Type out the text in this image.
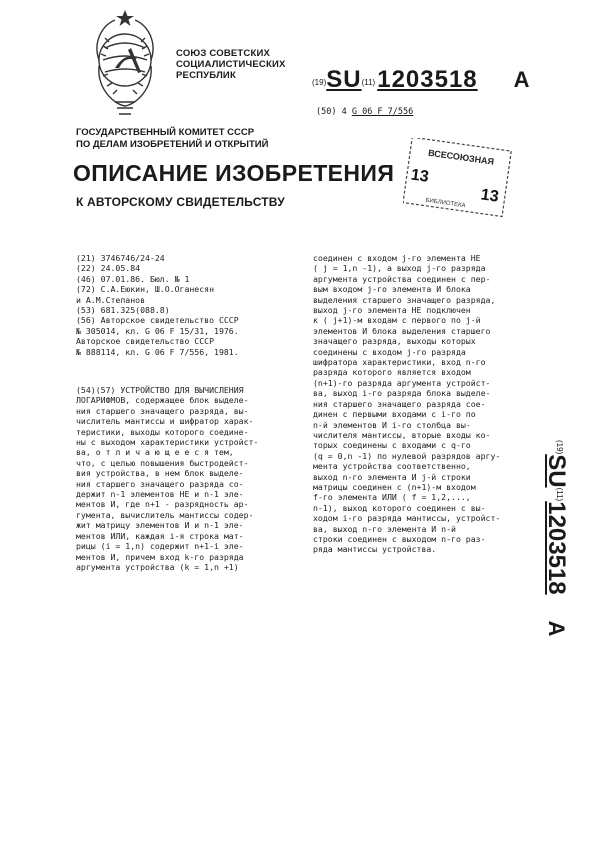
СОЮЗ СОВЕТСКИХ
СОЦИАЛИСТИЧЕСКИХ
РЕСПУБЛИК
(19)SU(11)1203518 A
(50) 4 G 06 F 7/556
ГОСУДАРСТВЕННЫЙ КОМИТЕТ СССР
ПО ДЕЛАМ ИЗОБРЕТЕНИЙ И ОТКРЫТИЙ
ОПИСАНИЕ ИЗОБРЕТЕНИЯ
К АВТОРСКОМУ СВИДЕТЕЛЬСТВУ
ВСЕСОЮЗНАЯ
13
13
БИБЛИОТЕКА
(21) 3746746/24-24
(22) 24.05.84
(46) 07.01.86. Бюл. № 1
(72) С.А.Еюкин, Ш.О.Оганесян
и А.М.Степанов
(53) 681.325(088.8)
(56) Авторское свидетельство СССР
№ 305014, кл. G 06 F 15/31, 1976.
Авторское свидетельство СССР
№ 888114, кл. G 06 F 7/556, 1981.
(54)(57) УСТРОЙСТВО ДЛЯ ВЫЧИСЛЕНИЯ
ЛОГАРИФМОВ, содержащее блок выделе-
ния старшего значащего разряда, вы-
числитель мантиссы и шифратор харак-
теристики, выходы которого соедине-
ны с выходом характеристики устройст-
ва, о т л и ч а ю щ е е с я тем,
что, с целью повышения быстродейст-
вия устройства, в нем блок выделе-
ния старшего значащего разряда со-
держит n-1 элементов НЕ и n-1 эле-
ментов И, где n+1 - разрядность ар-
гумента, вычислитель мантиссы содер-
жит матрицу элементов И и n-1 эле-
ментов ИЛИ, каждая i-я строка мат-
рицы (i = 1,n) содержит n+1-i эле-
ментов И, причем вход k-го разряда
аргумента устройства (k = 1,n +1)
соединен с входом j-го элемента НЕ
( j = 1,n -1), а выход j-го разряда
аргумента устройства соединен с пер-
вым входом j-го элемента И блока
выделения старшего значащего разряда,
выход j-го элемента НЕ подключен
к ( j+1)-м входам с первого по j-й
элементов И блока выделения старшего
значащего разряда, выходы которых
соединены с входом j-го разряда
шифратора характеристики, вход n-го
разряда которого является входом
(n+1)-го разряда аргумента устройст-
ва, выход i-го разряда блока выделе-
ния старшего значащего разряда сое-
динен с первыми входами с i-го по
n-й элементов И i-го столбца вы-
числителя мантиссы, вторые входы ко-
торых соединены с входами с q-го
(q = 0,n -1) по нулевой разрядов аргу-
мента устройства соответственно,
выход n-го элемента И j-й строки
матрицы соединен с (n+1)-м входом
f-го элемента ИЛИ ( f = 1,2,...,
n-1), выход которого соединен с вы-
ходом i-го разряда мантиссы, устройст-
ва, выход n-го элемента И n-й
строки соединен с выходом n-го раз-
ряда мантиссы устройства.
$^{(19)}$SU$^{(11)}$1203518A
